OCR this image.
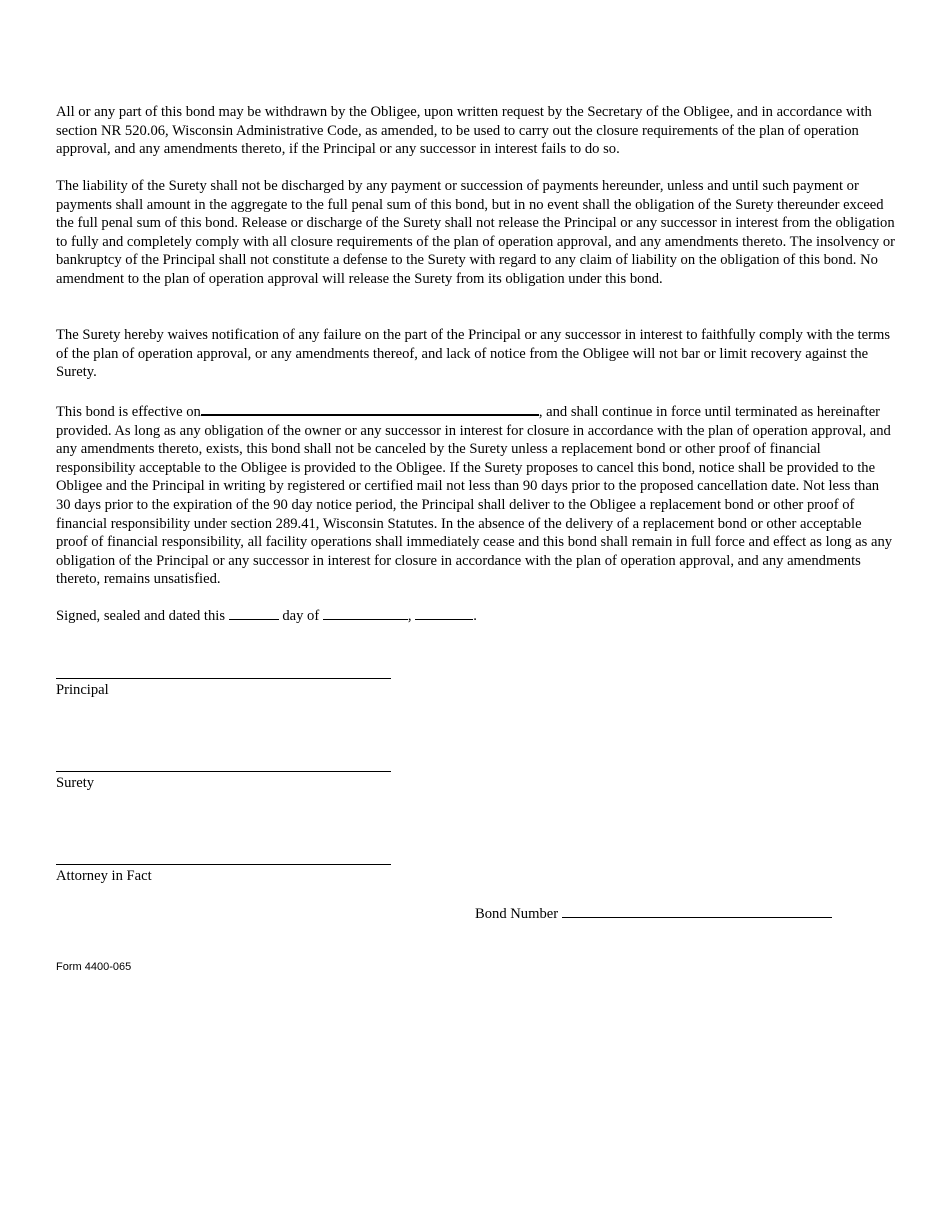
All or any part of this bond may be withdrawn by the Obligee, upon written request by the Secretary of the Obligee, and in accordance with section NR 520.06, Wisconsin Administrative Code, as amended, to be used to carry out the closure requirements of the plan of operation approval, and any amendments thereto, if the Principal or any successor in interest fails to do so.

The liability of the Surety shall not be discharged by any payment or succession of payments hereunder, unless and until such payment or payments shall amount in the aggregate to the full penal sum of this bond, but in no event shall the obligation of the Surety thereunder exceed the full penal sum of this bond. Release or discharge of the Surety shall not release the Principal or any successor in interest from the obligation to fully and completely comply with all closure requirements of the plan of operation approval, and any amendments thereto. The insolvency or bankruptcy of the Principal shall not constitute a defense to the Surety with regard to any claim of liability on the obligation of this bond. No amendment to the plan of operation approval will release the Surety from its obligation under this bond.

The Surety hereby waives notification of any failure on the part of the Principal or any successor in interest to faithfully comply with the terms of the plan of operation approval, or any amendments thereof, and lack of notice from the Obligee will not bar or limit recovery against the Surety.

This bond is effective on	, and shall continue in force until terminated as hereinafter provided. As long as any obligation of the owner or any successor in interest for closure in accordance with the plan of operation approval, and any amendments thereto, exists, this bond shall not be canceled by the Surety unless a replacement bond or other proof of financial responsibility acceptable to the Obligee is provided to the Obligee. If the Surety proposes to cancel this bond, notice shall be provided to the Obligee and the Principal in writing by registered or certified mail not less than 90 days prior to the proposed cancellation date. Not less than 30 days prior to the expiration of the 90 day notice period, the Principal shall deliver to the Obligee a replacement bond or other proof of financial responsibility under section 289.41, Wisconsin Statutes. In the absence of the delivery of a replacement bond or other acceptable proof of financial responsibility, all facility operations shall immediately cease and this bond shall remain in full force and effect as long as any obligation of the Principal or any successor in interest for closure in accordance with the plan of operation approval, and any amendments thereto, remains unsatisfied.

Signed, sealed and dated this	day of	,	.
Principal
Surety
Attorney in Fact
Bond Number
Form 4400-065
